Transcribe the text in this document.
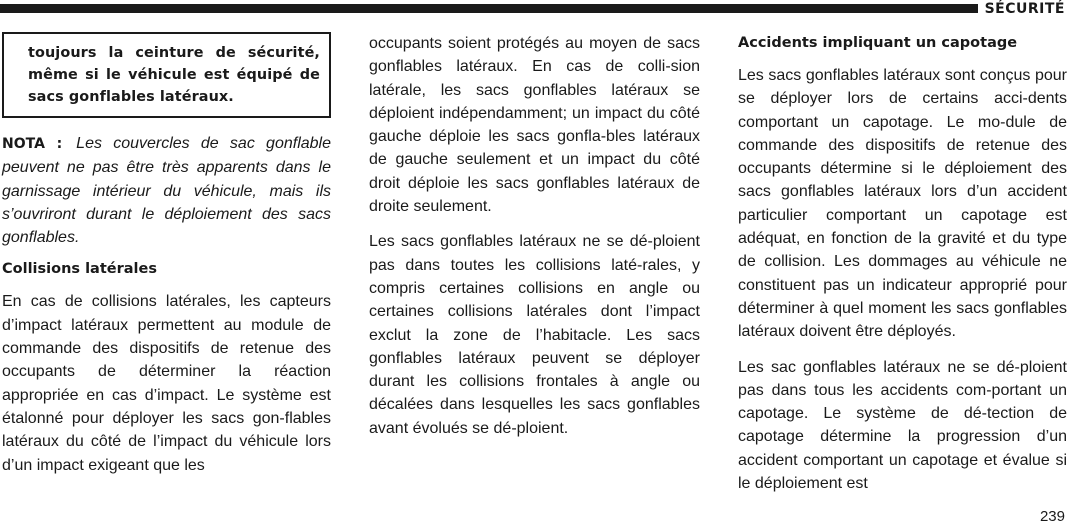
SÉCURITÉ

toujours la ceinture de sécurité, même si le véhicule est équipé de sacs gonflables latéraux.

NOTA : Les couvercles de sac gonflable peuvent ne pas être très apparents dans le garnissage intérieur du véhicule, mais ils s’ouvriront durant le déploiement des sacs gonflables.

Collisions latérales

En cas de collisions latérales, les capteurs d’impact latéraux permettent au module de commande des dispositifs de retenue des occupants de déterminer la réaction appropriée en cas d’impact. Le système est étalonné pour déployer les sacs gon-flables latéraux du côté de l’impact du véhicule lors d’un impact exigeant que les

occupants soient protégés au moyen de sacs gonflables latéraux. En cas de colli-sion latérale, les sacs gonflables latéraux se déploient indépendamment; un impact du côté gauche déploie les sacs gonfla-bles latéraux de gauche seulement et un impact du côté droit déploie les sacs gonflables latéraux de droite seulement.

Les sacs gonflables latéraux ne se dé-ploient pas dans toutes les collisions laté-rales, y compris certaines collisions en angle ou certaines collisions latérales dont l’impact exclut la zone de l’habitacle. Les sacs gonflables latéraux peuvent se déployer durant les collisions frontales à angle ou décalées dans lesquelles les sacs gonflables avant évolués se dé-ploient.

Accidents impliquant un capotage

Les sacs gonflables latéraux sont conçus pour se déployer lors de certains acci-dents comportant un capotage. Le mo-dule de commande des dispositifs de retenue des occupants détermine si le déploiement des sacs gonflables latéraux lors d’un accident particulier comportant un capotage est adéquat, en fonction de la gravité et du type de collision. Les dommages au véhicule ne constituent pas un indicateur approprié pour déterminer à quel moment les sacs gonflables latéraux doivent être déployés.

Les sac gonflables latéraux ne se dé-ploient pas dans tous les accidents com-portant un capotage. Le système de dé-tection de capotage détermine la progression d’un accident comportant un capotage et évalue si le déploiement est

239
